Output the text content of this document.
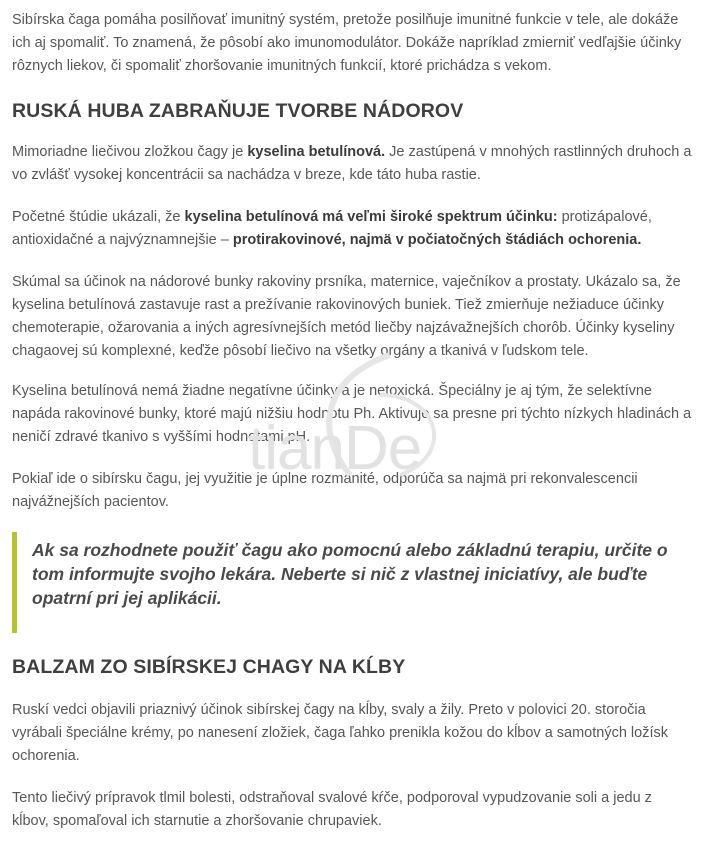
Sibírska čaga pomáha posilňovať imunitný systém, pretože posilňuje imunitné funkcie v tele, ale dokáže ich aj spomaliť. To znamená, že pôsobí ako imunomodulátor. Dokáže napríklad zmierniť vedľajšie účinky rôznych liekov, či spomaliť zhoršovanie imunitných funkcií, ktoré prichádza s vekom.

RUSKÁ HUBA ZABRAŇUJE TVORBE NÁDOROV

Mimoriadne liečivou zložkou čagy je kyselina betulínová. Je zastúpená v mnohých rastlinných druhoch a vo zvlášť vysokej koncentrácii sa nachádza v breze, kde táto huba rastie.

Početné štúdie ukázali, že kyselina betulínová má veľmi široké spektrum účinku: protizápalové, antioxidačné a najvýznamnejšie – protirakovinové, najmä v počiatočných štádiách ochorenia.

Skúmal sa účinok na nádorové bunky rakoviny prsníka, maternice, vaječníkov a prostaty. Ukázalo sa, že kyselina betulínová zastavuje rast a prežívanie rakovinových buniek. Tiež zmierňuje nežiaduce účinky chemoterapie, ožarovania a iných agresívnejších metód liečby najzávažnejších chorôb. Účinky kyseliny chagaovej sú komplexné, keďže pôsobí liečivo na všetky orgány a tkanivá v ľudskom tele.

Kyselina betulínová nemá žiadne negatívne účinky a je netoxická. Špeciálny je aj tým, že selektívne napáda rakovinové bunky, ktoré majú nižšiu hodnotu Ph. Aktivuje sa presne pri týchto nízkych hladinách a neničí zdravé tkanivo s vyššími hodnotami pH.

Pokiaľ ide o sibírsku čagu, jej využitie je úplne rozmanité, odporúča sa najmä pri rekonvalescencii najvážnejších pacientov.

BALZAM ZO SIBÍRSKEJ CHAGY NA KĹBY

Ruskí vedci objavili priaznivý účinok sibírskej čagy na kĺby, svaly a žily. Preto v polovici 20. storočia vyrábali špeciálne krémy, po nanesení zložiek, čaga ľahko prenikla kožou do kĺbov a samotných ložísk ochorenia.

Tento liečivý prípravok tlmil bolesti, odstraňoval svalové kŕče, podporoval vypudzovanie soli a jedu z kĺbov, spomaľoval ich starnutie a zhoršovanie chrupaviek.

Ak sa rozhodnete použiť čagu ako pomocnú alebo základnú terapiu, určite o tom informujte svojho lekára. Neberte si nič z vlastnej iniciatívy, ale buďte opatrní pri jej aplikácii.
tianDe
